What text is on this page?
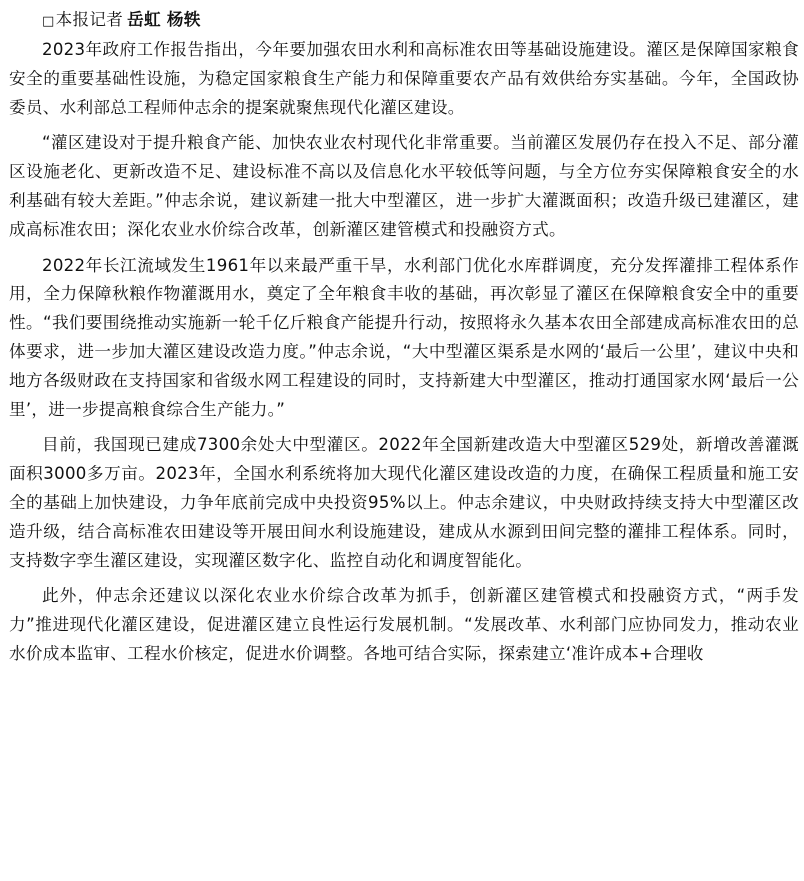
□本报记者 岳虹 杨轶

2023年政府工作报告指出，今年要加强农田水利和高标准农田等基础设施建设。灌区是保障国家粮食安全的重要基础性设施，为稳定国家粮食生产能力和保障重要农产品有效供给夯实基础。今年，全国政协委员、水利部总工程师仲志余的提案就聚焦现代化灌区建设。

“灌区建设对于提升粮食产能、加快农业农村现代化非常重要。当前灌区发展仍存在投入不足、部分灌区设施老化、更新改造不足、建设标准不高以及信息化水平较低等问题，与全方位夯实保障粮食安全的水利基础有较大差距。”仲志余说，建议新建一批大中型灌区，进一步扩大灌溉面积；改造升级已建灌区，建成高标准农田；深化农业水价综合改革，创新灌区建管模式和投融资方式。

2022年长江流域发生1961年以来最严重干旱，水利部门优化水库群调度，充分发挥灌排工程体系作用，全力保障秋粮作物灌溉用水，奠定了全年粮食丰收的基础，再次彰显了灌区在保障粮食安全中的重要性。“我们要围绕推动实施新一轮千亿斤粮食产能提升行动，按照将永久基本农田全部建成高标准农田的总体要求，进一步加大灌区建设改造力度。”仲志余说，“大中型灌区渠系是水网的‘最后一公里’，建议中央和地方各级财政在支持国家和省级水网工程建设的同时，支持新建大中型灌区，推动打通国家水网‘最后一公里’，进一步提高粮食综合生产能力。”

目前，我国现已建成7300余处大中型灌区。2022年全国新建改造大中型灌区529处，新增改善灌溉面积3000多万亩。2023年，全国水利系统将加大现代化灌区建设改造的力度，在确保工程质量和施工安全的基础上加快建设，力争年底前完成中央投资95%以上。仲志余建议，中央财政持续支持大中型灌区改造升级，结合高标准农田建设等开展田间水利设施建设，建成从水源到田间完整的灌排工程体系。同时，支持数字孪生灌区建设，实现灌区数字化、监控自动化和调度智能化。

此外，仲志余还建议以深化农业水价综合改革为抓手，创新灌区建管模式和投融资方式，“两手发力”推进现代化灌区建设，促进灌区建立良性运行发展机制。“发展改革、水利部门应协同发力，推动农业水价成本监审、工程水价核定，促进水价调整。各地可结合实际，探索建立‘准许成本+合理收
